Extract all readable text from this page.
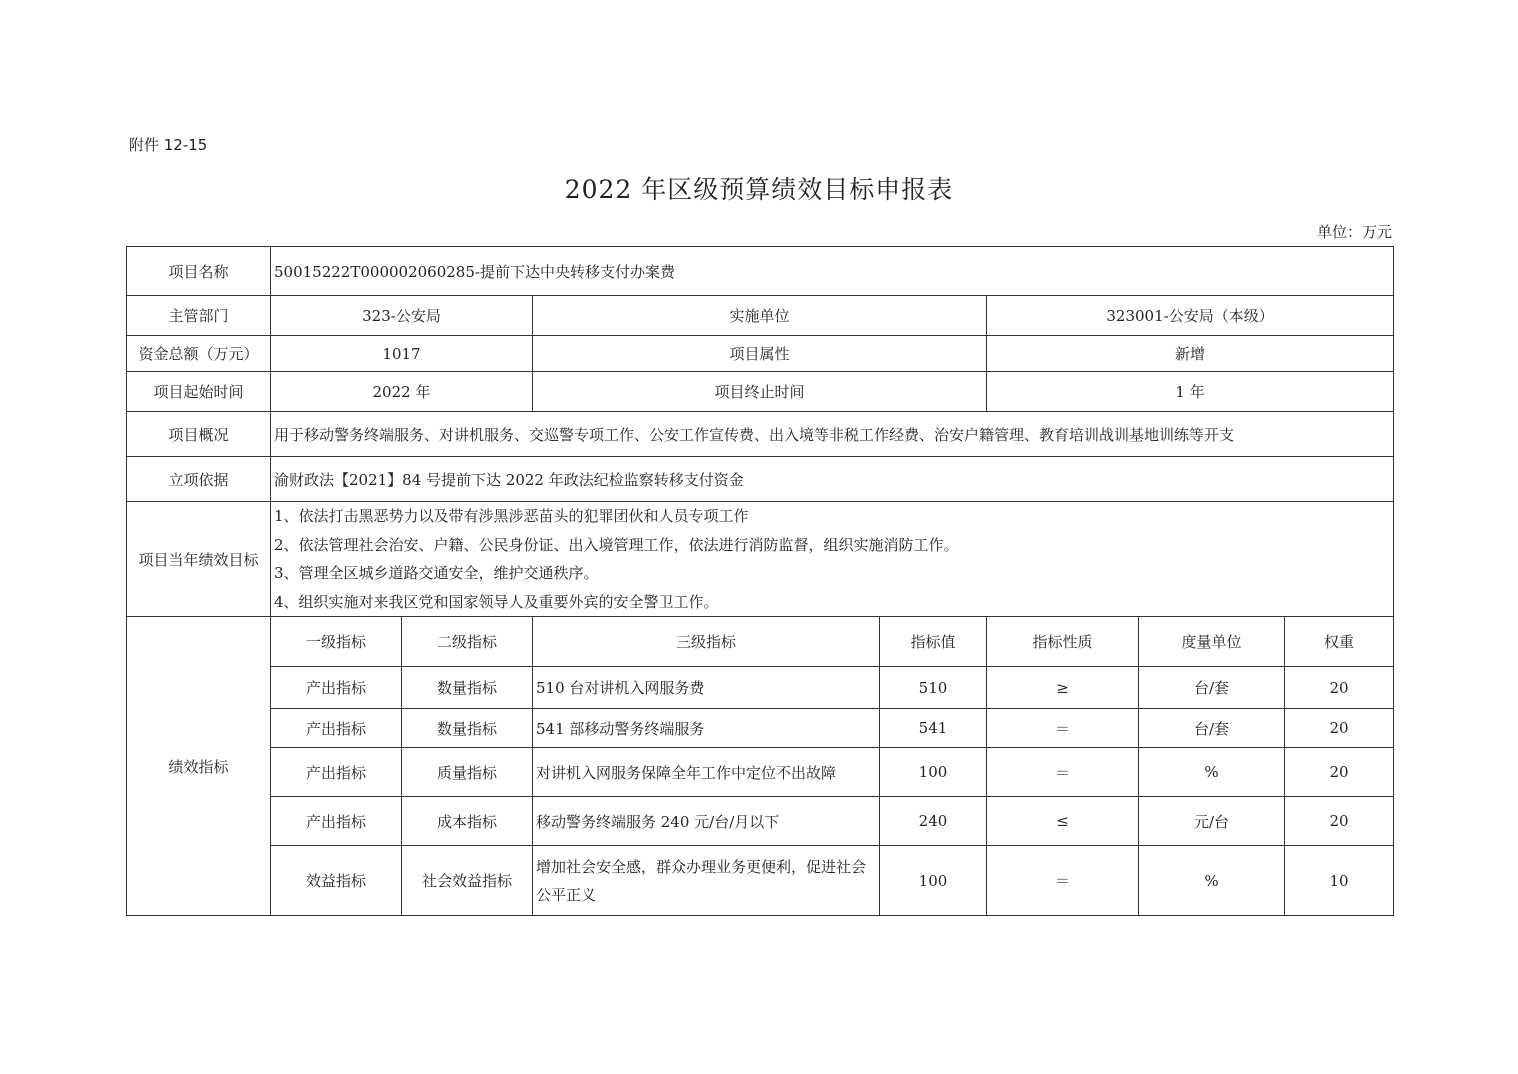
附件 12-15
2022 年区级预算绩效目标申报表
单位：万元
项目名称	50015222T000002060285-提前下达中央转移支付办案费						
主管部门	323-公安局		实施单位		323001-公安局（本级）		
资金总额（万元）	1017		项目属性		新增		
项目起始时间	2022 年		项目终止时间		1 年		
项目概况	用于移动警务终端服务、对讲机服务、交巡警专项工作、公安工作宣传费、出入境等非税工作经费、治安户籍管理、教育培训战训基地训练等开支						
立项依据	渝财政法【2021】84 号提前下达 2022 年政法纪检监察转移支付资金						
项目当年绩效目标	1、依法打击黑恶势力以及带有涉黑涉恶苗头的犯罪团伙和人员专项工作
2、依法管理社会治安、户籍、公民身份证、出入境管理工作，依法进行消防监督，组织实施消防工作。
3、管理全区城乡道路交通安全，维护交通秩序。
4、组织实施对来我区党和国家领导人及重要外宾的安全警卫工作。						

绩效指标	一级指标	二级指标	三级指标	指标值	指标性质	度量单位	权重
	产出指标	数量指标	510 台对讲机入网服务费	510	≥	台/套	20
	产出指标	数量指标	541 部移动警务终端服务	541	＝	台/套	20
	产出指标	质量指标	对讲机入网服务保障全年工作中定位不出故障	100	＝	%	20
	产出指标	成本指标	移动警务终端服务 240 元/台/月以下	240	≤	元/台	20
	效益指标	社会效益指标	增加社会安全感，群众办理业务更便利，促进社会公平正义	100	＝	%	10
